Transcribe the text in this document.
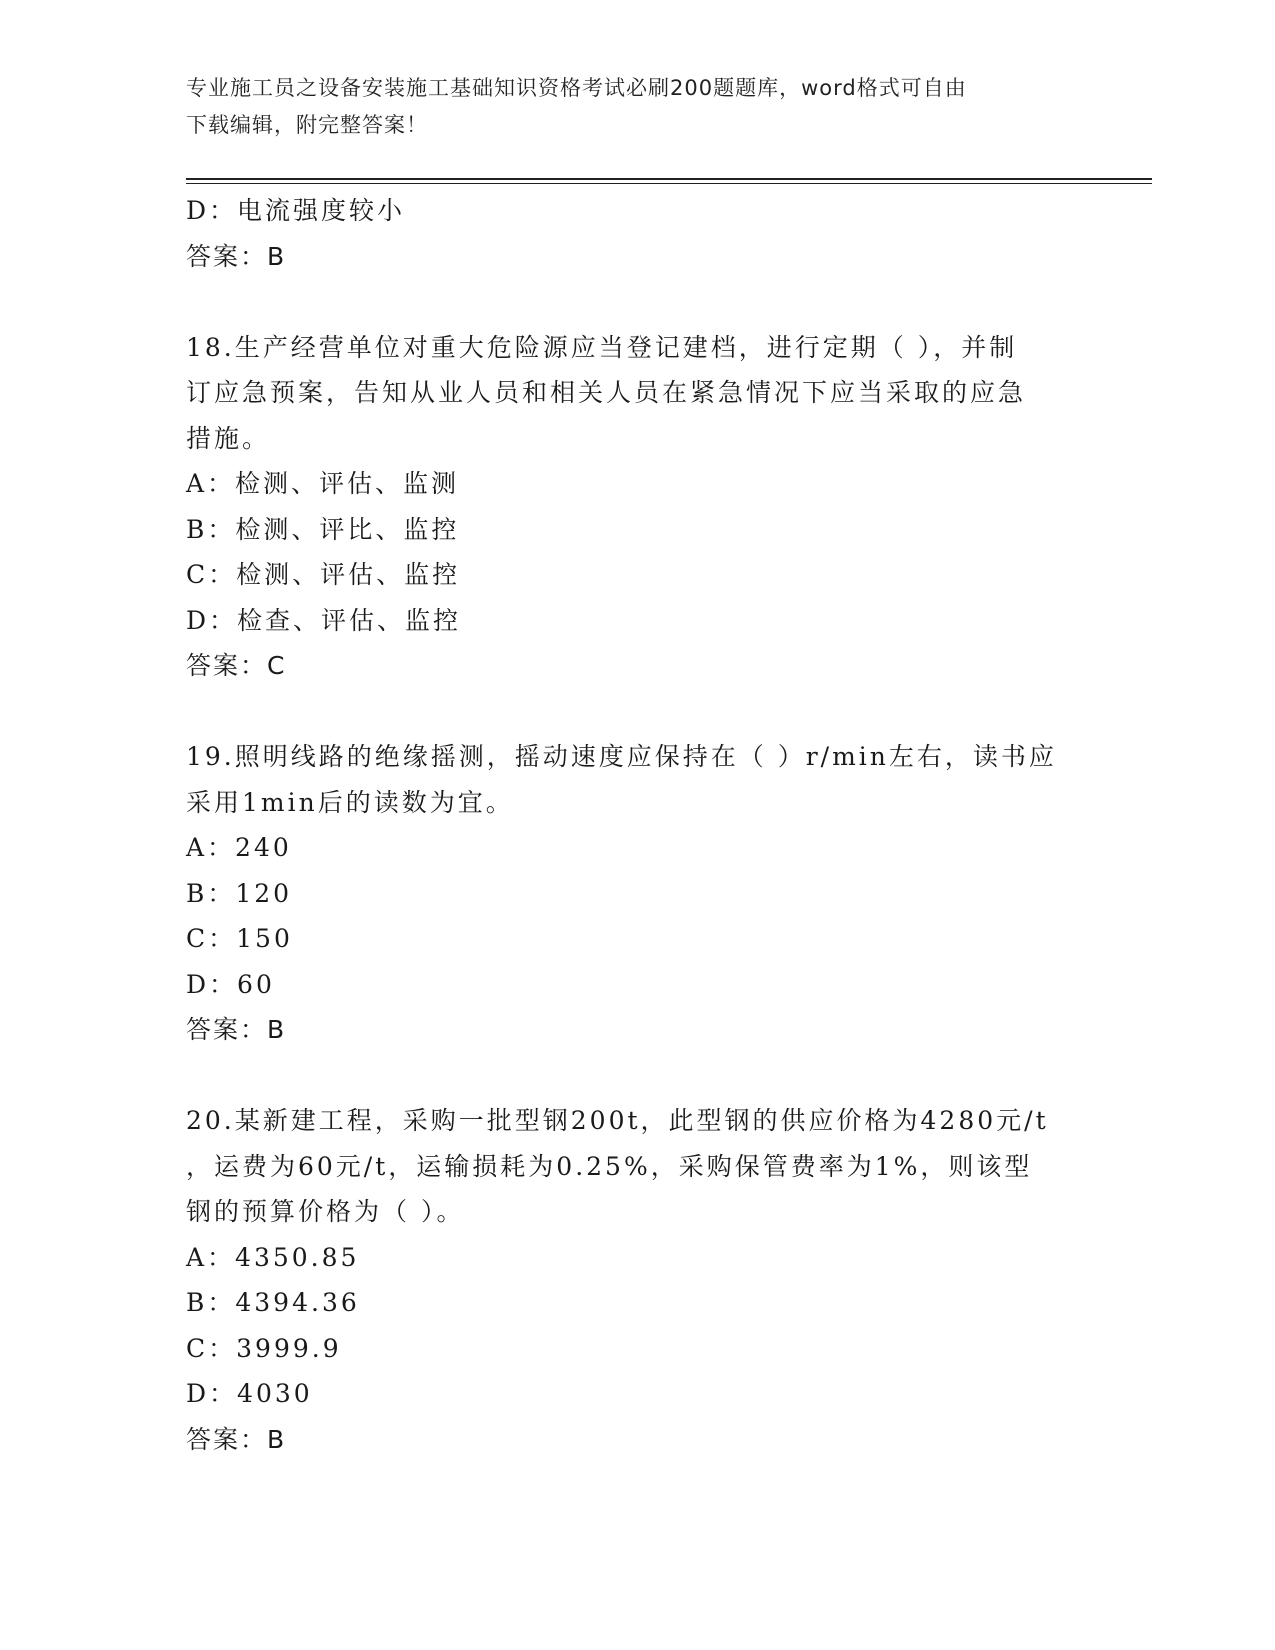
专业施工员之设备安装施工基础知识资格考试必刷200题题库，word格式可自由
下载编辑，附完整答案！
D：电流强度较小
答案：B
18.生产经营单位对重大危险源应当登记建档，进行定期（ ），并制
订应急预案，告知从业人员和相关人员在紧急情况下应当采取的应急
措施。
A：检测、评估、监测
B：检测、评比、监控
C：检测、评估、监控
D：检查、评估、监控
答案：C
19.照明线路的绝缘摇测，摇动速度应保持在（ ）r/min左右，读书应
采用1min后的读数为宜。
A：240
B：120
C：150
D：60
答案：B
20.某新建工程，采购一批型钢200t，此型钢的供应价格为4280元/t
，运费为60元/t，运输损耗为0.25%，采购保管费率为1%，则该型
钢的预算价格为（ ）。
A：4350.85
B：4394.36
C：3999.9
D：4030
答案：B
